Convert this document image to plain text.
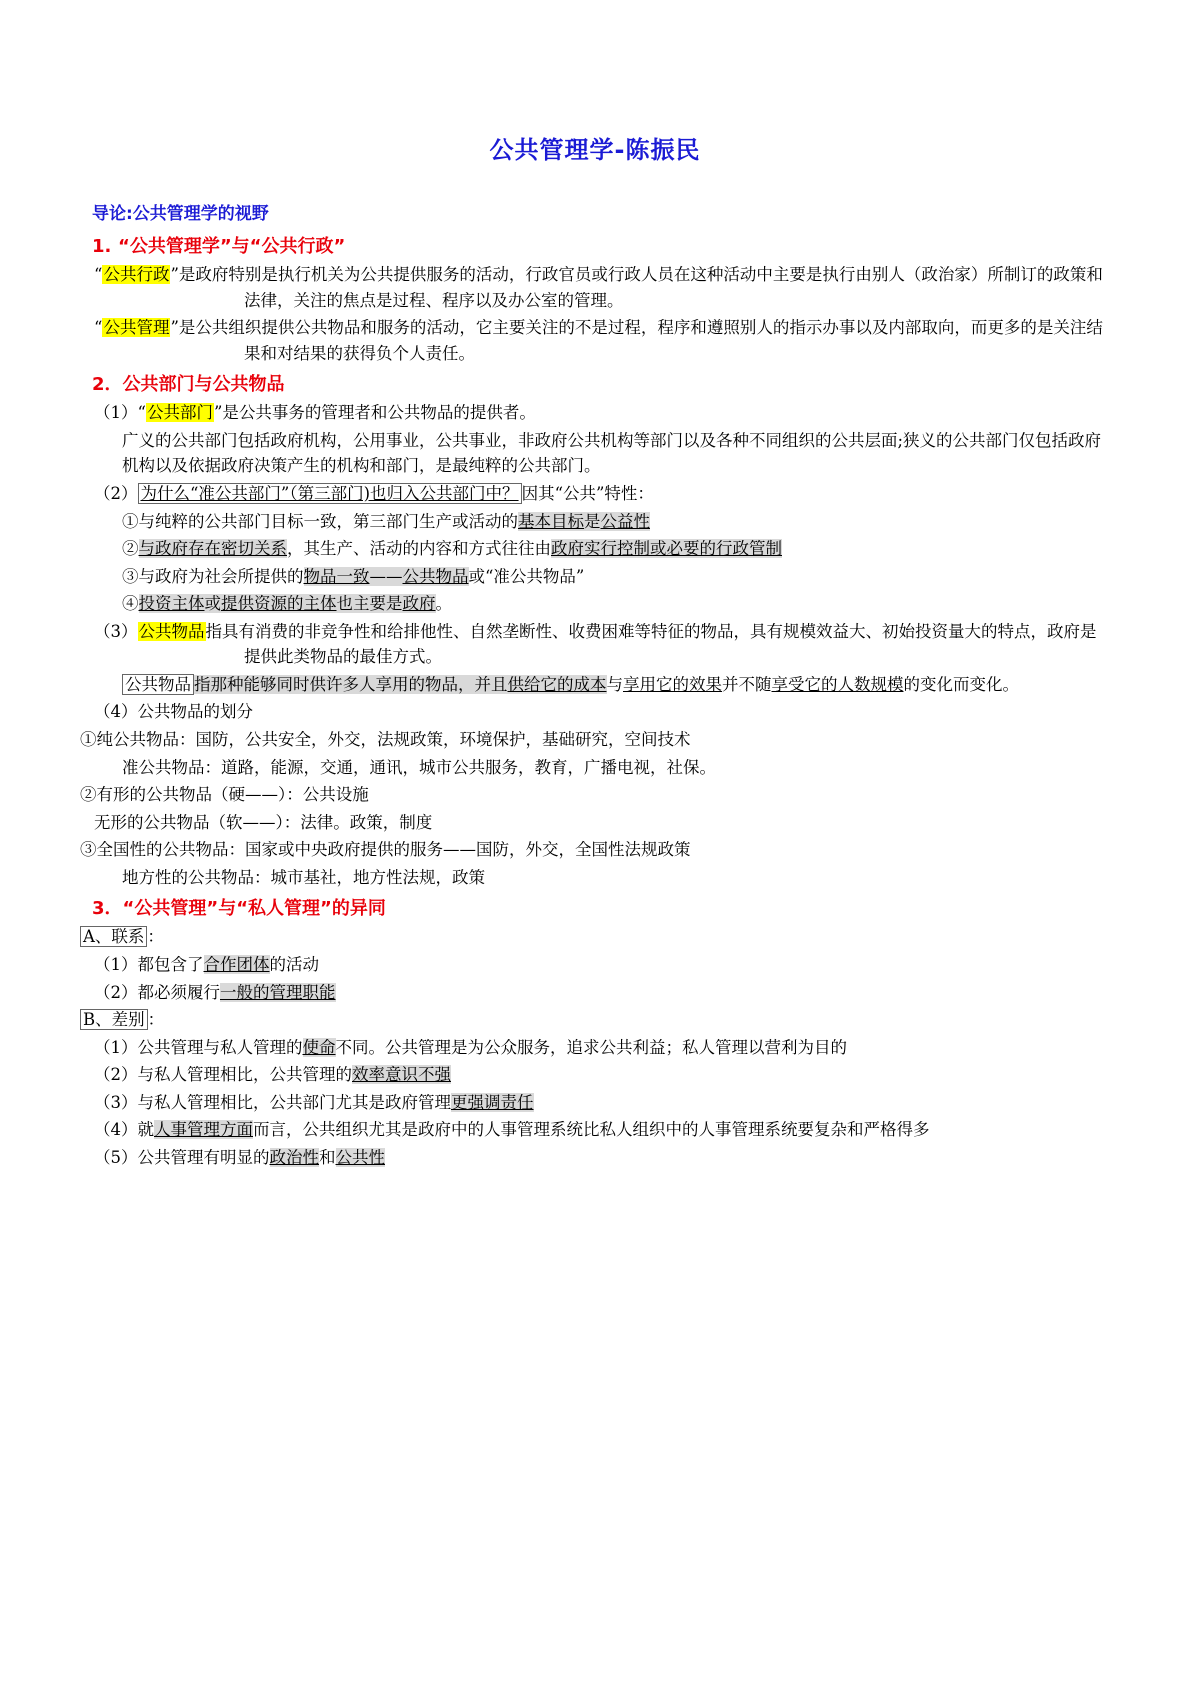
公共管理学-陈振民
导论:公共管理学的视野
1. “公共管理学”与“公共行政”

“公共行政”是政府特别是执行机关为公共提供服务的活动，行政官员或行政人员在这种活动中主要是执行由别人（政治家）所制订的政策和法律，关注的焦点是过程、程序以及办公室的管理。

“公共管理”是公共组织提供公共物品和服务的活动，它主要关注的不是过程，程序和遵照别人的指示办事以及内部取向，而更多的是关注结果和对结果的获得负个人责任。

2．公共部门与公共物品

（1）“公共部门”是公共事务的管理者和公共物品的提供者。

广义的公共部门包括政府机构，公用事业，公共事业，非政府公共机构等部门以及各种不同组织的公共层面;狭义的公共部门仅包括政府机构以及依据政府决策产生的机构和部门，是最纯粹的公共部门。

（2） 为什么“准公共部门”（第三部门)也归入公共部门中？ 因其“公共”特性：

①与纯粹的公共部门目标一致，第三部门生产或活动的基本目标是公益性

②与政府存在密切关系，其生产、活动的内容和方式往往由政府实行控制或必要的行政管制

③与政府为社会所提供的物品一致——公共物品或“准公共物品”

④投资主体或提供资源的主体也主要是政府。

（3）公共物品指具有消费的非竞争性和给排他性、自然垄断性、收费困难等特征的物品，具有规模效益大、初始投资量大的特点，政府是提供此类物品的最佳方式。

公共物品 指那种能够同时供许多人享用的物品，并且供给它的成本与享用它的效果并不随享受它的人数规模的变化而变化。

（4）公共物品的划分

①纯公共物品：国防，公共安全，外交，法规政策，环境保护，基础研究，空间技术

准公共物品：道路，能源，交通，通讯，城市公共服务，教育，广播电视，社保。

②有形的公共物品（硬——）：公共设施

无形的公共物品（软——）：法律。政策，制度

③全国性的公共物品：国家或中央政府提供的服务——国防，外交，全国性法规政策

地方性的公共物品：城市基社，地方性法规，政策

3．“公共管理”与“私人管理”的异同

A、联系 ：

（1）都包含了合作团体的活动

（2）都必须履行一般的管理职能

B、差别 ：

（1）公共管理与私人管理的使命不同。公共管理是为公众服务，追求公共利益；私人管理以营利为目的

（2）与私人管理相比，公共管理的效率意识不强

（3）与私人管理相比，公共部门尤其是政府管理更强调责任

（4）就人事管理方面而言，公共组织尤其是政府中的人事管理系统比私人组织中的人事管理系统要复杂和严格得多

（5）公共管理有明显的政治性和公共性
